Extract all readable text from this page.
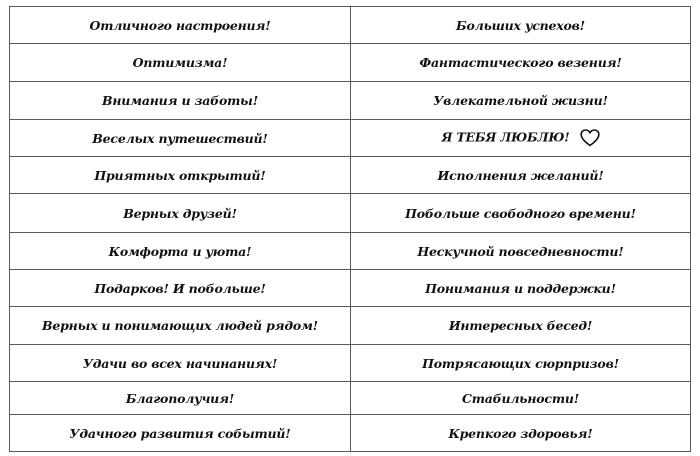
Отличного настроения!	Больших успехов!
Оптимизма!	Фантастического везения!
Внимания и заботы!	Увлекательной жизни!
Веселых путешествий!	Я ТЕБЯ ЛЮБЛЮ!

Приятных открытий!	Исполнения желаний!
Верных друзей!	Побольше свободного времени!
Комфорта и уюта!	Нескучной повседневности!
Подарков! И побольше!	Понимания и поддержки!
Верных и понимающих людей рядом!	Интересных бесед!
Удачи во всех начинаниях!	Потрясающих сюрпризов!
Благополучия!	Стабильности!
Удачного развития событий!	Крепкого здоровья!
